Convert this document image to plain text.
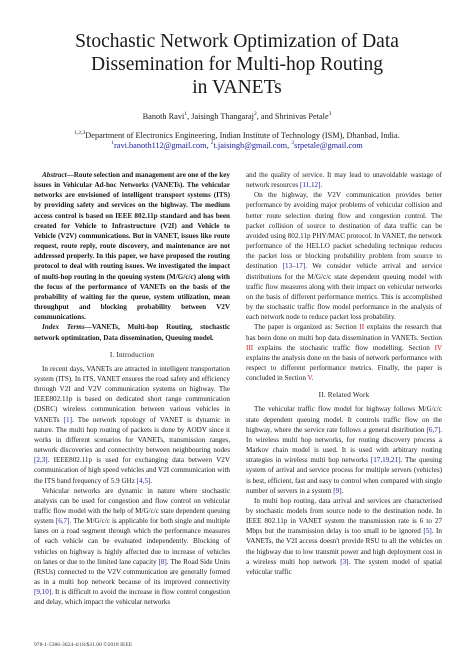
Stochastic Network Optimization of Data
Dissemination for Multi-hop Routing
in VANETs
Banoth Ravi$^1$, Jaisingh Thangaraj$^2$, and Shrinivas Petale$^3$
$^{1,2,3}$Department of Electronics Engineering, Indian Institute of Technology (ISM), Dhanbad, India.
$^1$ravi.banoth112@gmail.com, $^2$t.jaisingh@gmail.com, $^3$srpetale@gmail.com

Abstract—Route selection and management are one of the key issues in Vehicular Ad-hoc Networks (VANETs). The vehicular networks are envisioned of intelligent transport systems (ITS) by providing safety and services on the highway. The medium access control is based on IEEE 802.11p standard and has been created for Vehicle to Infrastructure (V2I) and Vehicle to Vehicle (V2V) communications. But in VANET, issues like route request, route reply, route discovery, and maintenance are not addressed properly. In this paper, we have proposed the routing protocol to deal with routing issues. We investigated the impact of multi-hop routing in the queuing system (M/G/c/c) along with the focus of the performance of VANETs on the basis of the probability of waiting for the queue, system utilization, mean throughput and blocking probability between V2V communications.

Index Terms—VANETs, Multi-hop Routing, stochastic network optimization, Data dissemination, Queuing model.

I. Introduction

In recent days, VANETs are attracted in intelligent transportation system (ITS). In ITS, VANET ensures the road safety and efficiency through V2I and V2V communication systems on highway. The IEEE802.11p is based on dedicated short range communication (DSRC) wireless communication between various vehicles in VANETs [1]. The network topology of VANET is dynamic in nature. The multi hop routing of packets is done by AODV since it works in different scenarios for VANETs, transmission ranges, network discoveries and connectivity between neighbouring nodes [2,3]. IEEE802.11p is used for exchanging data between V2V communication of high speed vehicles and V2I communication with the ITS band frequency of 5.9 GHz [4,5].

Vehicular networks are dynamic in nature where stochastic analysis can be used for congestion and flow control on vehicular traffic flow model with the help of M/G/c/c state dependent queuing system [6,7]. The M/G/c/c is applicable for both single and multiple lanes on a road segment through which the performance measures of each vehicle can be evaluated independently. Blocking of vehicles on highway is highly affected due to increase of vehicles on lanes or due to the limited lane capacity [8]. The Road Side Units (RSUs) connected to the V2V communication are generally formed as in a multi hop network because of its improved connectivity [9,10]. It is difficult to avoid the increase in flow control congestion and delay, which impact the vehicular networks

and the quality of service. It may lead to unavoidable wastage of network resources [11,12].

On the highway, the V2V communication provides better performance by avoiding major problems of vehicular collision and better route selection during flow and congestion control. The packet collision of source to destination of data traffic can be avoided using 802.11p PHY/MAC protocol. In VANET, the network performance of the HELLO packet scheduling technique reduces the packet loss or blocking probability problem from source to destination [13–17]. We consider vehicle arrival and service distributions for the M/G/c/c state dependent queuing model with traffic flow measures along with their impact on vehicular networks on the basis of different performance metrics. This is accomplished by the stochastic traffic flow model performance in the analysis of each network node to reduce packet loss probability.

The paper is organized as: Section II explains the research that has been done on multi hop data dissemination in VANETs. Section III explains the stochastic traffic flow modelling. Section IV explains the analysis done on the basis of network performance with respect to different performance metrics. Finally, the paper is concluded in Section V.

II. Related Work

The vehicular traffic flow model for highway follows M/G/c/c state dependent queuing model. It controls traffic flow on the highway, where the service rate follows a general distribution [6,7]. In wireless multi hop networks, for routing discovery process a Markov chain model is used. It is used with arbitrary routing strategies in wireless multi hop networks [17,19,21]. The queuing system of arrival and service process for multiple servers (vehicles) is best, efficient, fast and easy to control when compared with single number of servers in a system [9].

In multi hop routing, data arrival and services are characterised by stochastic models from source node to the destination node. In IEEE 802.11p in VANET system the transmission rate is 6 to 27 Mbps but the transmission delay is too small to be ignored [5]. In VANETs, the V2I access doesn't provide RSU to all the vehicles on the highway due to low transmit power and high deployment cost in a wireless multi hop network [3]. The system model of spatial vehicular traffic

978-1-5386-3624-4/18/$31.00 ©2018 IEEE
